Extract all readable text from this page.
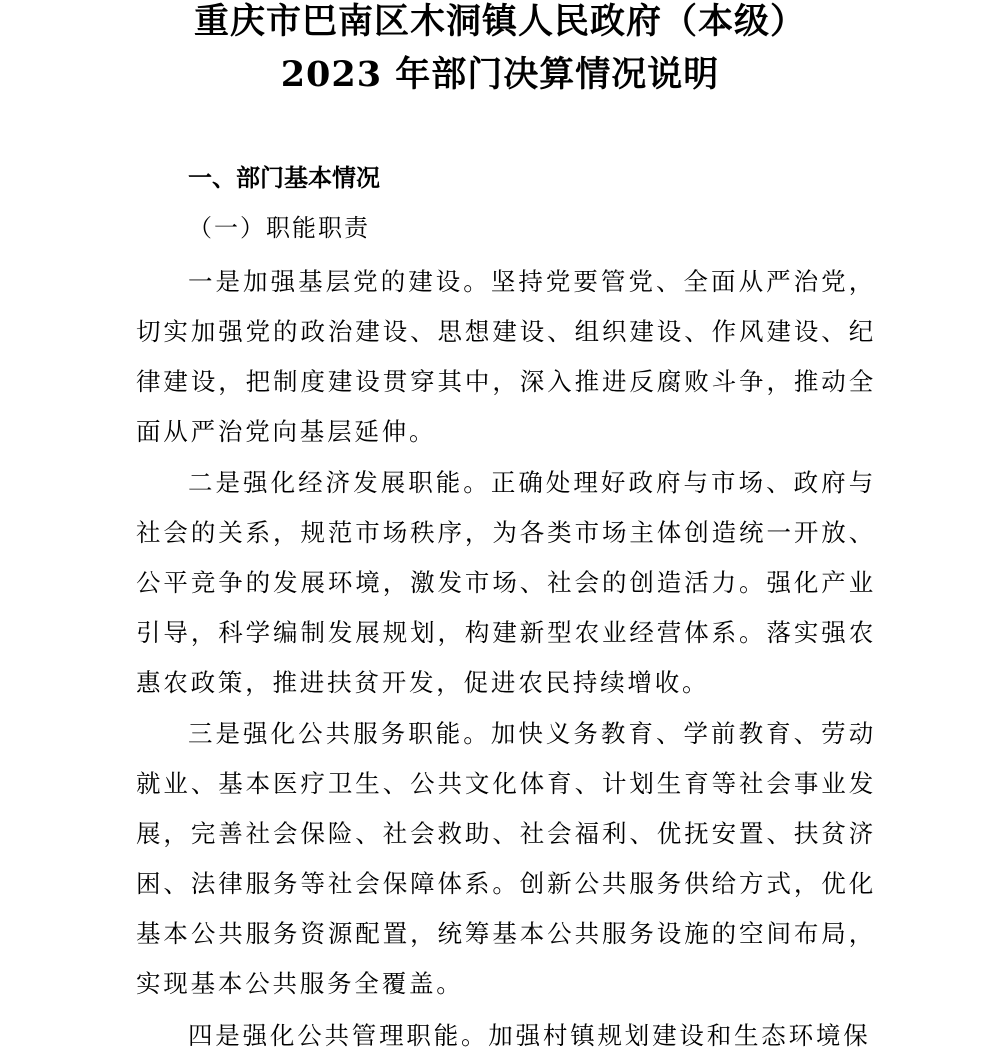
重庆市巴南区木洞镇人民政府（本级）
2023 年部门决算情况说明
一、部门基本情况
（一）职能职责

一是加强基层党的建设。坚持党要管党、全面从严治党，切实加强党的政治建设、思想建设、组织建设、作风建设、纪律建设，把制度建设贯穿其中，深入推进反腐败斗争，推动全面从严治党向基层延伸。

二是强化经济发展职能。正确处理好政府与市场、政府与社会的关系，规范市场秩序，为各类市场主体创造统一开放、公平竞争的发展环境，激发市场、社会的创造活力。强化产业引导，科学编制发展规划，构建新型农业经营体系。落实强农惠农政策，推进扶贫开发，促进农民持续增收。

三是强化公共服务职能。加快义务教育、学前教育、劳动就业、基本医疗卫生、公共文化体育、计划生育等社会事业发展，完善社会保险、社会救助、社会福利、优抚安置、扶贫济困、法律服务等社会保障体系。创新公共服务供给方式，优化基本公共服务资源配置，统筹基本公共服务设施的空间布局，实现基本公共服务全覆盖。

四是强化公共管理职能。加强村镇规划建设和生态环境保
